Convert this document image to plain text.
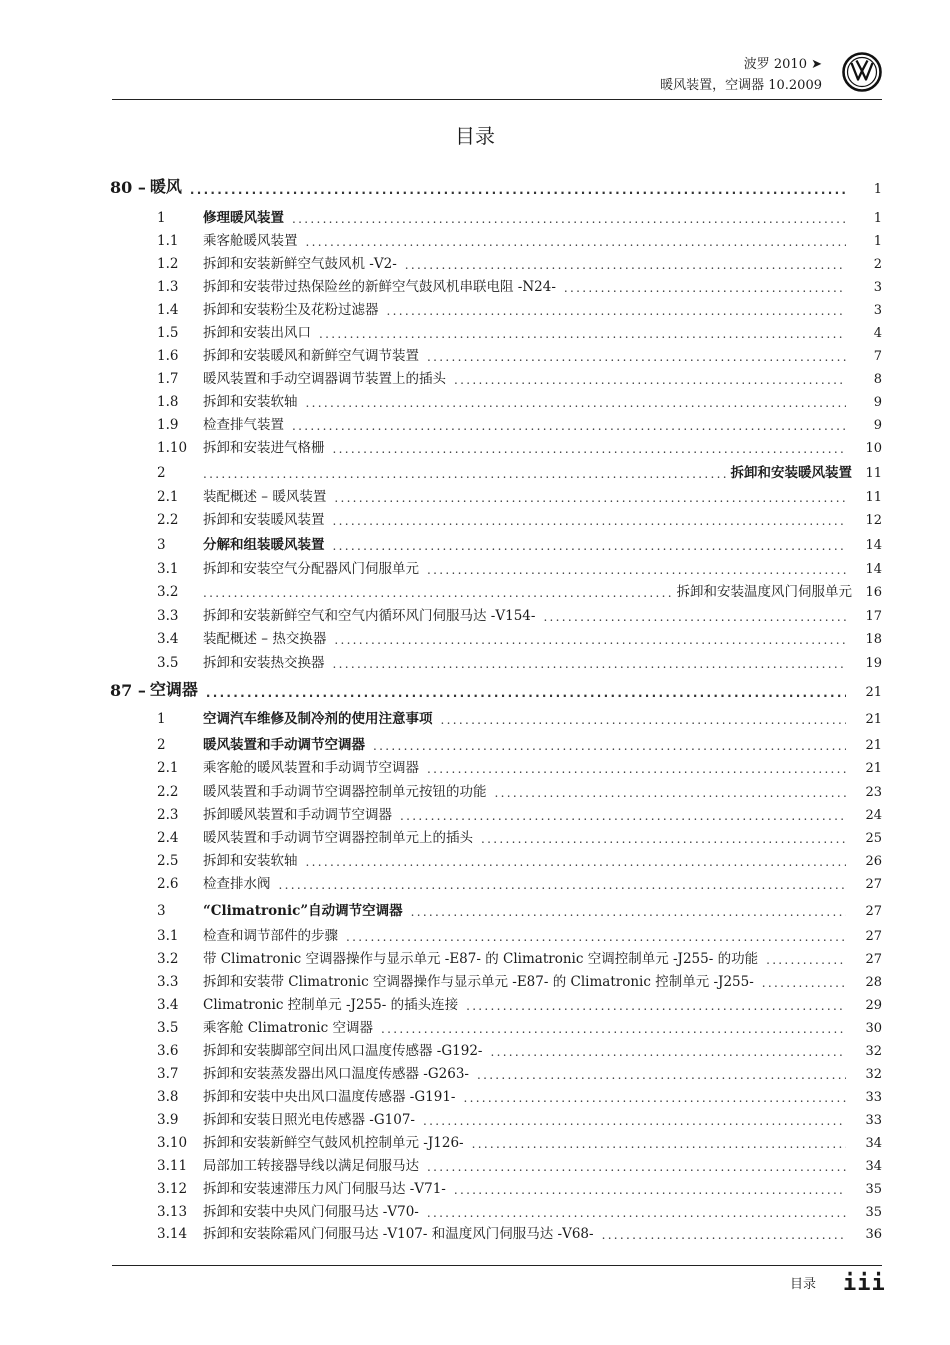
波罗 2010 ➤
暖风装置，空调器 10.2009
目录
80 – 暖风 .....	1
1	修理暖风装置 .....	1
1.1	乘客舱暖风装置 .....	1
1.2	拆卸和安装新鲜空气鼓风机 -V2- .....	2
1.3	拆卸和安装带过热保险丝的新鲜空气鼓风机串联电阻 -N24- .....	3
1.4	拆卸和安装粉尘及花粉过滤器 .....	3
1.5	拆卸和安装出风口 .....	4
1.6	拆卸和安装暖风和新鲜空气调节装置 .....	7
1.7	暖风装置和手动空调器调节装置上的插头 .....	8
1.8	拆卸和安装软轴 .....	9
1.9	检查排气装置 .....	9
1.10	拆卸和安装进气格栅 .....	10
2	拆卸和安装暖风装置 .....	11
2.1	装配概述 – 暖风装置 .....	11
2.2	拆卸和安装暖风装置 .....	12
3	分解和组装暖风装置 .....	14
3.1	拆卸和安装空气分配器风门伺服单元 .....	14
3.2	拆卸和安装温度风门伺服单元 .....	16
3.3	拆卸和安装新鲜空气和空气内循环风门伺服马达 -V154- .....	17
3.4	装配概述 – 热交换器 .....	18
3.5	拆卸和安装热交换器 .....	19
87 – 空调器 .....	21
1	空调汽车维修及制冷剂的使用注意事项 .....	21
2	暖风装置和手动调节空调器 .....	21
2.1	乘客舱的暖风装置和手动调节空调器 .....	21
2.2	暖风装置和手动调节空调器控制单元按钮的功能 .....	23
2.3	拆卸暖风装置和手动调节空调器 .....	24
2.4	暖风装置和手动调节空调器控制单元上的插头 .....	25
2.5	拆卸和安装软轴 .....	26
2.6	检查排水阀 .....	27
3	“Climatronic”自动调节空调器 .....	27
3.1	检查和调节部件的步骤 .....	27
3.2	带 Climatronic 空调器操作与显示单元 -E87- 的 Climatronic 空调控制单元 -J255- 的功能 .....	27
3.3	拆卸和安装带 Climatronic 空调器操作与显示单元 -E87- 的 Climatronic 控制单元 -J255- .....	28
3.4	Climatronic 控制单元 -J255- 的插头连接 .....	29
3.5	乘客舱 Climatronic 空调器 .....	30
3.6	拆卸和安装脚部空间出风口温度传感器 -G192- .....	32
3.7	拆卸和安装蒸发器出风口温度传感器 -G263- .....	32
3.8	拆卸和安装中央出风口温度传感器 -G191- .....	33
3.9	拆卸和安装日照光电传感器 -G107- .....	33
3.10	拆卸和安装新鲜空气鼓风机控制单元 -J126- .....	34
3.11	局部加工转接器导线以满足伺服马达 .....	34
3.12	拆卸和安装速滞压力风门伺服马达 -V71- .....	35
3.13	拆卸和安装中央风门伺服马达 -V70- .....	35
3.14	拆卸和安装除霜风门伺服马达 -V107- 和温度风门伺服马达 -V68- .....	36
目录 iii
